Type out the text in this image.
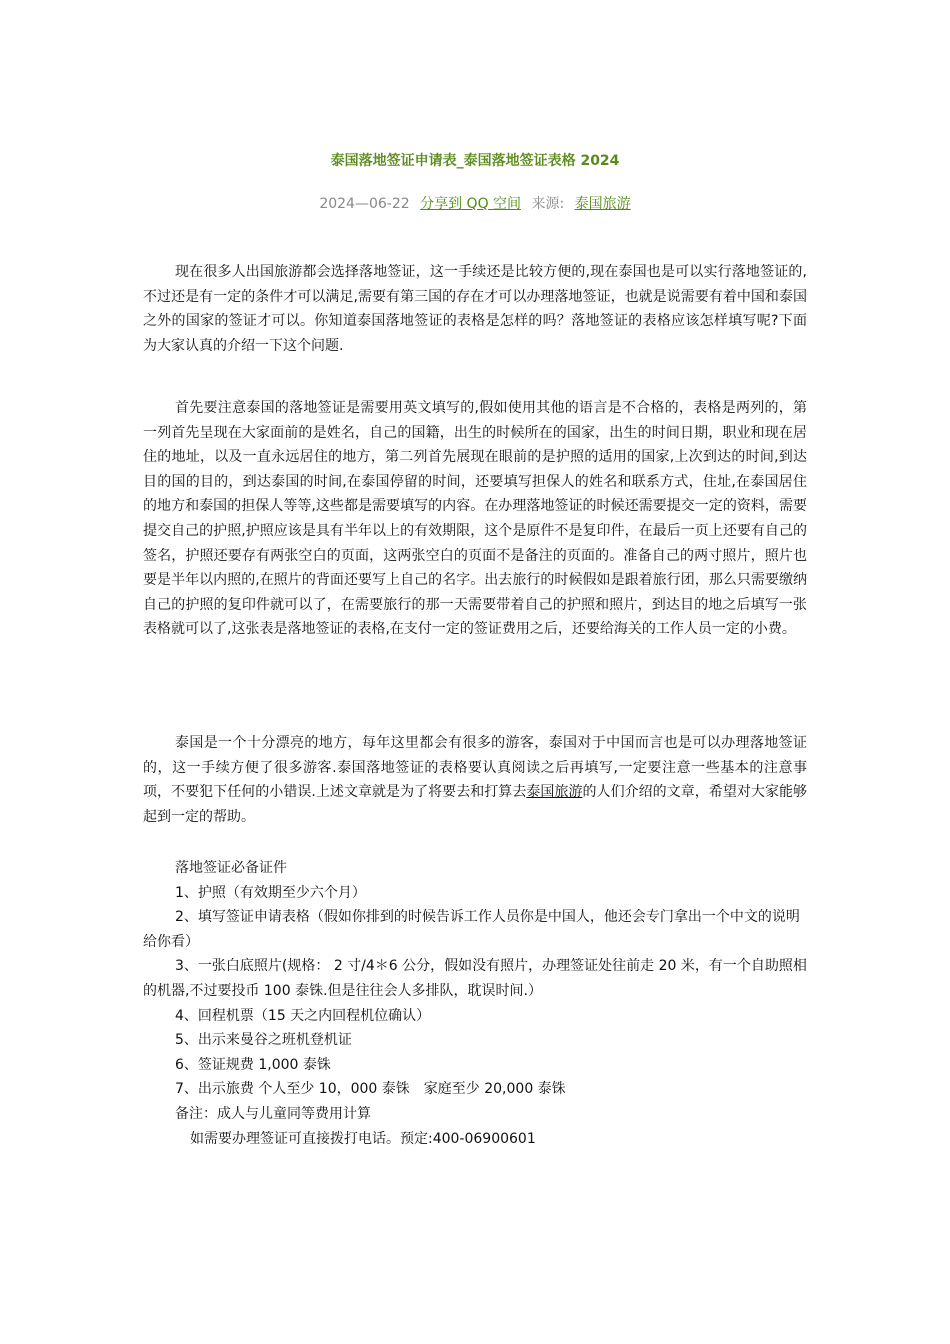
泰国落地签证申请表_泰国落地签证表格 2024
2024—06-22 分享到 QQ 空间 来源: 泰国旅游

现在很多人出国旅游都会选择落地签证，这一手续还是比较方便的,现在泰国也是可以实行落地签证的,不过还是有一定的条件才可以满足,需要有第三国的存在才可以办理落地签证，也就是说需要有着中国和泰国之外的国家的签证才可以。你知道泰国落地签证的表格是怎样的吗？落地签证的表格应该怎样填写呢?下面为大家认真的介绍一下这个问题.

首先要注意泰国的落地签证是需要用英文填写的,假如使用其他的语言是不合格的，表格是两列的，第一列首先呈现在大家面前的是姓名，自己的国籍，出生的时候所在的国家，出生的时间日期，职业和现在居住的地址，以及一直永远居住的地方，第二列首先展现在眼前的是护照的适用的国家,上次到达的时间,到达目的国的目的，到达泰国的时间,在泰国停留的时间，还要填写担保人的姓名和联系方式，住址,在泰国居住的地方和泰国的担保人等等,这些都是需要填写的内容。在办理落地签证的时候还需要提交一定的资料，需要提交自己的护照,护照应该是具有半年以上的有效期限，这个是原件不是复印件，在最后一页上还要有自己的签名，护照还要存有两张空白的页面，这两张空白的页面不是备注的页面的。准备自己的两寸照片，照片也要是半年以内照的,在照片的背面还要写上自己的名字。出去旅行的时候假如是跟着旅行团，那么只需要缴纳自己的护照的复印件就可以了，在需要旅行的那一天需要带着自己的护照和照片，到达目的地之后填写一张表格就可以了,这张表是落地签证的表格,在支付一定的签证费用之后，还要给海关的工作人员一定的小费。

泰国是一个十分漂亮的地方，每年这里都会有很多的游客，泰国对于中国而言也是可以办理落地签证的，这一手续方便了很多游客.泰国落地签证的表格要认真阅读之后再填写,一定要注意一些基本的注意事项，不要犯下任何的小错误.上述文章就是为了将要去和打算去泰国旅游的人们介绍的文章，希望对大家能够起到一定的帮助。

落地签证必备证件
1、护照（有效期至少六个月）
2、填写签证申请表格（假如你排到的时候告诉工作人员你是中国人，他还会专门拿出一个中文的说明给你看）
3、一张白底照片(规格： 2 寸/4＊6 公分，假如没有照片，办理签证处往前走 20 米，有一个自助照相的机器,不过要投币 100 泰铢.但是往往会人多排队，耽误时间.）
4、回程机票（15 天之内回程机位确认）
5、出示来曼谷之班机登机证
6、签证规费 1,000 泰铢
7、出示旅费 个人至少 10，000 泰铢　家庭至少 20,000 泰铢
备注：成人与儿童同等费用计算
如需要办理签证可直接拨打电话。预定:400-06900601
